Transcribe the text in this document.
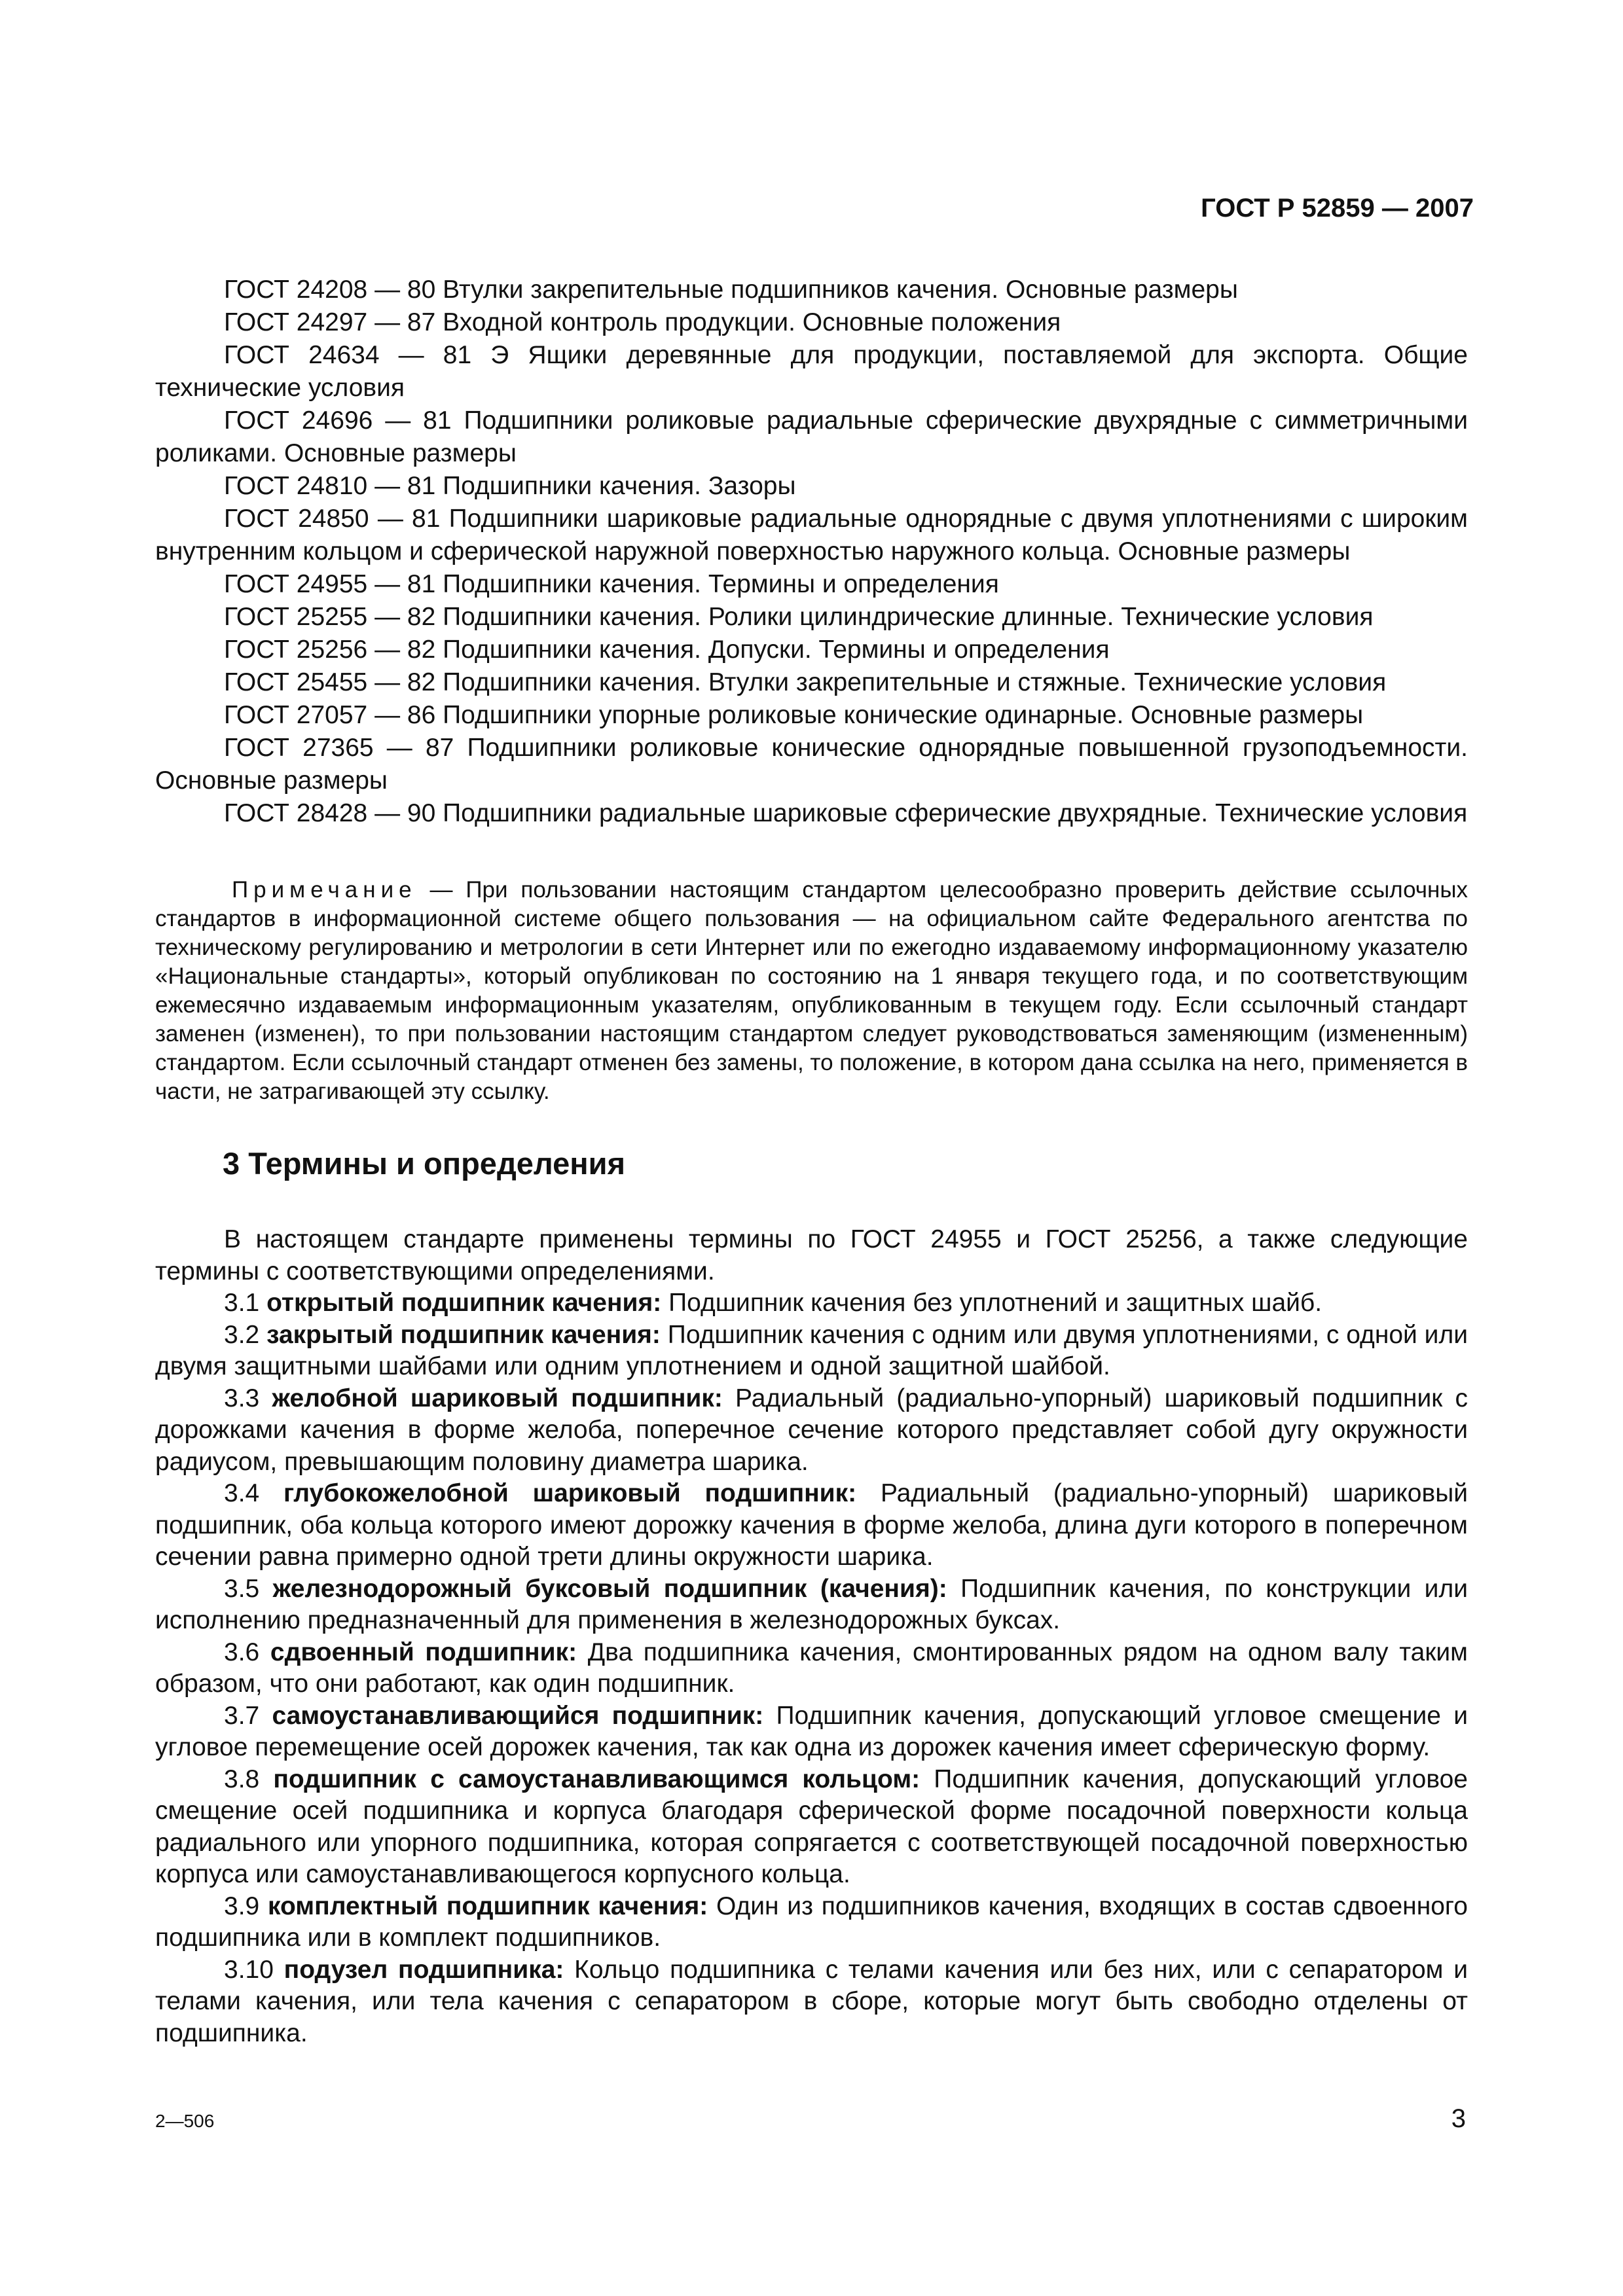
ГОСТ Р 52859 — 2007

ГОСТ 24208 — 80 Втулки закрепительные подшипников качения. Основные размеры

ГОСТ 24297 — 87 Входной контроль продукции. Основные положения

ГОСТ 24634 — 81 Э Ящики деревянные для продукции, поставляемой для экспорта. Общие технические условия

ГОСТ 24696 — 81 Подшипники роликовые радиальные сферические двухрядные с симметричными роликами. Основные размеры

ГОСТ 24810 — 81 Подшипники качения. Зазоры

ГОСТ 24850 — 81 Подшипники шариковые радиальные однорядные с двумя уплотнениями с широким внутренним кольцом и сферической наружной поверхностью наружного кольца. Основные размеры

ГОСТ 24955 — 81 Подшипники качения. Термины и определения

ГОСТ 25255 — 82 Подшипники качения. Ролики цилиндрические длинные. Технические условия

ГОСТ 25256 — 82 Подшипники качения. Допуски. Термины и определения

ГОСТ 25455 — 82 Подшипники качения. Втулки закрепительные и стяжные. Технические условия

ГОСТ 27057 — 86 Подшипники упорные роликовые конические одинарные. Основные размеры

ГОСТ 27365 — 87 Подшипники роликовые конические однорядные повышенной грузоподъемности. Основные размеры

ГОСТ 28428 — 90 Подшипники радиальные шариковые сферические двухрядные. Технические условия

Примечание — При пользовании настоящим стандартом целесообразно проверить действие ссылочных стандартов в информационной системе общего пользования — на официальном сайте Федерального агентства по техническому регулированию и метрологии в сети Интернет или по ежегодно издаваемому информационному указателю «Национальные стандарты», который опубликован по состоянию на 1 января текущего года, и по соответствующим ежемесячно издаваемым информационным указателям, опубликованным в текущем году. Если ссылочный стандарт заменен (изменен), то при пользовании настоящим стандартом следует руководствоваться заменяющим (измененным) стандартом. Если ссылочный стандарт отменен без замены, то положение, в котором дана ссылка на него, применяется в части, не затрагивающей эту ссылку.

3 Термины и определения

В настоящем стандарте применены термины по ГОСТ 24955 и ГОСТ 25256, а также следующие термины с соответствующими определениями.

3.1 открытый подшипник качения: Подшипник качения без уплотнений и защитных шайб.

3.2 закрытый подшипник качения: Подшипник качения с одним или двумя уплотнениями, с одной или двумя защитными шайбами или одним уплотнением и одной защитной шайбой.

3.3 желобной шариковый подшипник: Радиальный (радиально-упорный) шариковый подшипник с дорожками качения в форме желоба, поперечное сечение которого представляет собой дугу окружности радиусом, превышающим половину диаметра шарика.

3.4 глубокожелобной шариковый подшипник: Радиальный (радиально-упорный) шариковый подшипник, оба кольца которого имеют дорожку качения в форме желоба, длина дуги которого в поперечном сечении равна примерно одной трети длины окружности шарика.

3.5 железнодорожный буксовый подшипник (качения): Подшипник качения, по конструкции или исполнению предназначенный для применения в железнодорожных буксах.

3.6 сдвоенный подшипник: Два подшипника качения, смонтированных рядом на одном валу таким образом, что они работают, как один подшипник.

3.7 самоустанавливающийся подшипник: Подшипник качения, допускающий угловое смещение и угловое перемещение осей дорожек качения, так как одна из дорожек качения имеет сферическую форму.

3.8 подшипник с самоустанавливающимся кольцом: Подшипник качения, допускающий угловое смещение осей подшипника и корпуса благодаря сферической форме посадочной поверхности кольца радиального или упорного подшипника, которая сопрягается с соответствующей посадочной поверхностью корпуса или самоустанавливающегося корпусного кольца.

3.9 комплектный подшипник качения: Один из подшипников качения, входящих в состав сдвоенного подшипника или в комплект подшипников.

3.10 подузел подшипника: Кольцо подшипника с телами качения или без них, или с сепаратором и телами качения, или тела качения с сепаратором в сборе, которые могут быть свободно отделены от подшипника.

2—506	3
